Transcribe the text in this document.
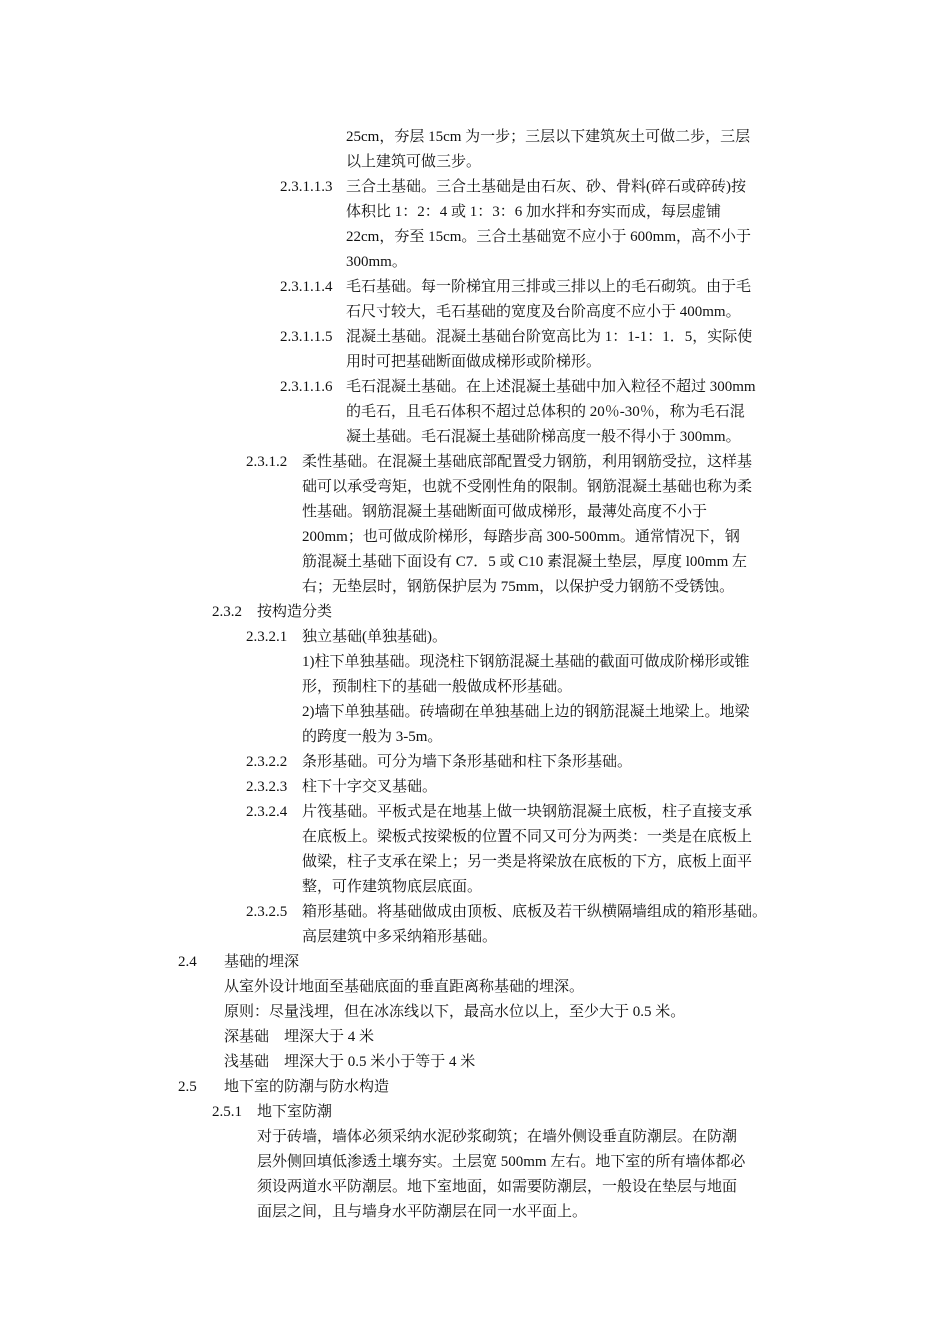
25cm，夯层 15cm 为一步；三层以下建筑灰土可做二步，三层
以上建筑可做三步。
2.3.1.1.3 三合土基础。三合土基础是由石灰、砂、骨料(碎石或碎砖)按
体积比 1：2：4 或 1：3：6 加水拌和夯实而成，每层虚铺
22cm，夯至 15cm。三合土基础宽不应小于 600mm，高不小于
300mm。
2.3.1.1.4 毛石基础。每一阶梯宜用三排或三排以上的毛石砌筑。由于毛
石尺寸较大，毛石基础的宽度及台阶高度不应小于 400mm。
2.3.1.1.5 混凝土基础。混凝土基础台阶宽高比为 1：1-1：1．5，实际使
用时可把基础断面做成梯形或阶梯形。
2.3.1.1.6 毛石混凝土基础。在上述混凝土基础中加入粒径不超过 300mm
的毛石，且毛石体积不超过总体积的 20％-30％，称为毛石混
凝土基础。毛石混凝土基础阶梯高度一般不得小于 300mm。
2.3.1.2 柔性基础。在混凝土基础底部配置受力钢筋，利用钢筋受拉，这样基
础可以承受弯矩，也就不受刚性角的限制。钢筋混凝土基础也称为柔
性基础。钢筋混凝土基础断面可做成梯形，最薄处高度不小于
200mm；也可做成阶梯形，每踏步高 300-500mm。通常情况下，钢
筋混凝土基础下面设有 C7．5 或 C10 素混凝土垫层，厚度 l00mm 左
右；无垫层时，钢筋保护层为 75mm，以保护受力钢筋不受锈蚀。
2.3.2 按构造分类
2.3.2.1 独立基础(单独基础)。
1)柱下单独基础。现浇柱下钢筋混凝土基础的截面可做成阶梯形或锥
形，预制柱下的基础一般做成杯形基础。
2)墙下单独基础。砖墙砌在单独基础上边的钢筋混凝土地梁上。地梁
的跨度一般为 3-5m。
2.3.2.2 条形基础。可分为墙下条形基础和柱下条形基础。
2.3.2.3 柱下十字交叉基础。
2.3.2.4 片筏基础。平板式是在地基上做一块钢筋混凝土底板，柱子直接支承
在底板上。梁板式按梁板的位置不同又可分为两类：一类是在底板上
做梁，柱子支承在梁上；另一类是将梁放在底板的下方，底板上面平
整，可作建筑物底层底面。
2.3.2.5 箱形基础。将基础做成由顶板、底板及若干纵横隔墙组成的箱形基础。
高层建筑中多采纳箱形基础。
2.4 基础的埋深
从室外设计地面至基础底面的垂直距离称基础的埋深。
原则：尽量浅埋，但在冰冻线以下，最高水位以上，至少大于 0.5 米。
深基础　埋深大于 4 米
浅基础　埋深大于 0.5 米小于等于 4 米
2.5 地下室的防潮与防水构造
2.5.1 地下室防潮
对于砖墙，墙体必须采纳水泥砂浆砌筑；在墙外侧设垂直防潮层。在防潮
层外侧回填低渗透土壤夯实。土层宽 500mm 左右。地下室的所有墙体都必
须设两道水平防潮层。地下室地面，如需要防潮层，一般设在垫层与地面
面层之间，且与墙身水平防潮层在同一水平面上。
